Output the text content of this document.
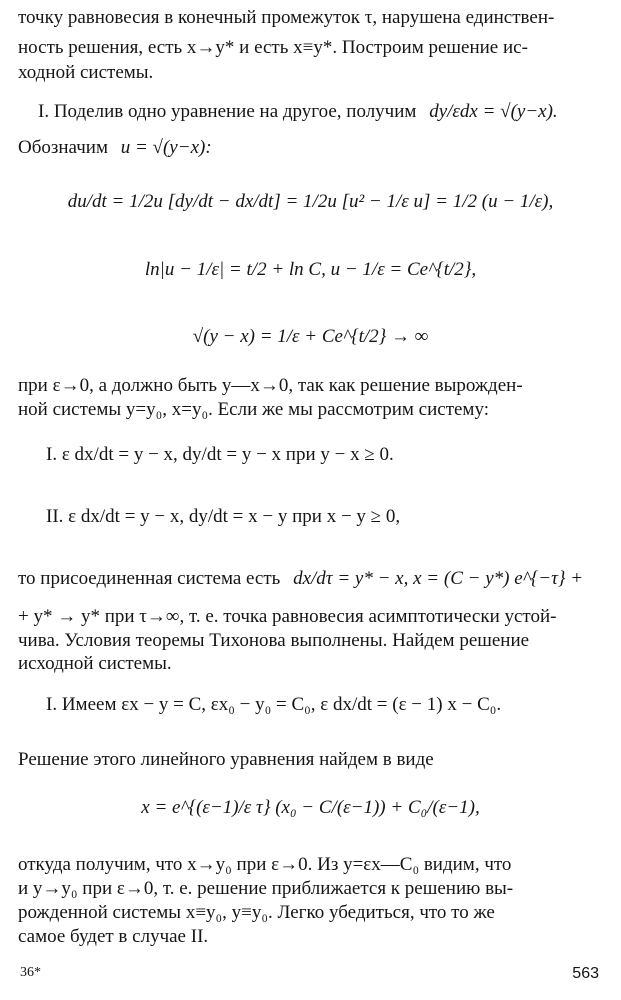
точку равновесия в конечный промежуток τ, нарушена единствен-
ность решения, есть x→y* и есть x≡y*. Построим решение ис-
ходной системы.
I. Поделив одно уравнение на другое, получим dy/εdx = √(y−x).
Обозначим u = √(y−x):
du/dt = 1/2u [dy/dt − dx/dt] = 1/2u [u² − 1/ε u] = 1/2 (u − 1/ε),
ln|u − 1/ε| = t/2 + ln C, u − 1/ε = Ce^{t/2},
√(y − x) = 1/ε + Ce^{t/2} → ∞
при ε→0, а должно быть y—x→0, так как решение вырожден-
ной системы y=y₀, x=y₀. Если же мы рассмотрим систему:
I. ε dx/dt = y − x, dy/dt = y − x при y − x ≥ 0.
II. ε dx/dt = y − x, dy/dt = x − y при x − y ≥ 0,
то присоединенная система есть dx/dτ = y* − x, x = (C − y*) e^{−τ} +
+ y* → y* при τ→∞, т. е. точка равновесия асимптотически устой-
чива. Условия теоремы Тихонова выполнены. Найдем решение
исходной системы.
I. Имеем εx − y = C, εx₀ − y₀ = C₀, ε dx/dt = (ε − 1) x − C₀.
Решение этого линейного уравнения найдем в виде
x = e^{(ε−1)/ε τ} (x₀ − C/(ε−1)) + C₀/(ε−1),
откуда получим, что x→y₀ при ε→0. Из y=εx—C₀ видим, что
и y→y₀ при ε→0, т. е. решение приближается к решению вы-
рожденной системы x≡y₀, y≡y₀. Легко убедиться, что то же
самое будет в случае II.
36*	563
